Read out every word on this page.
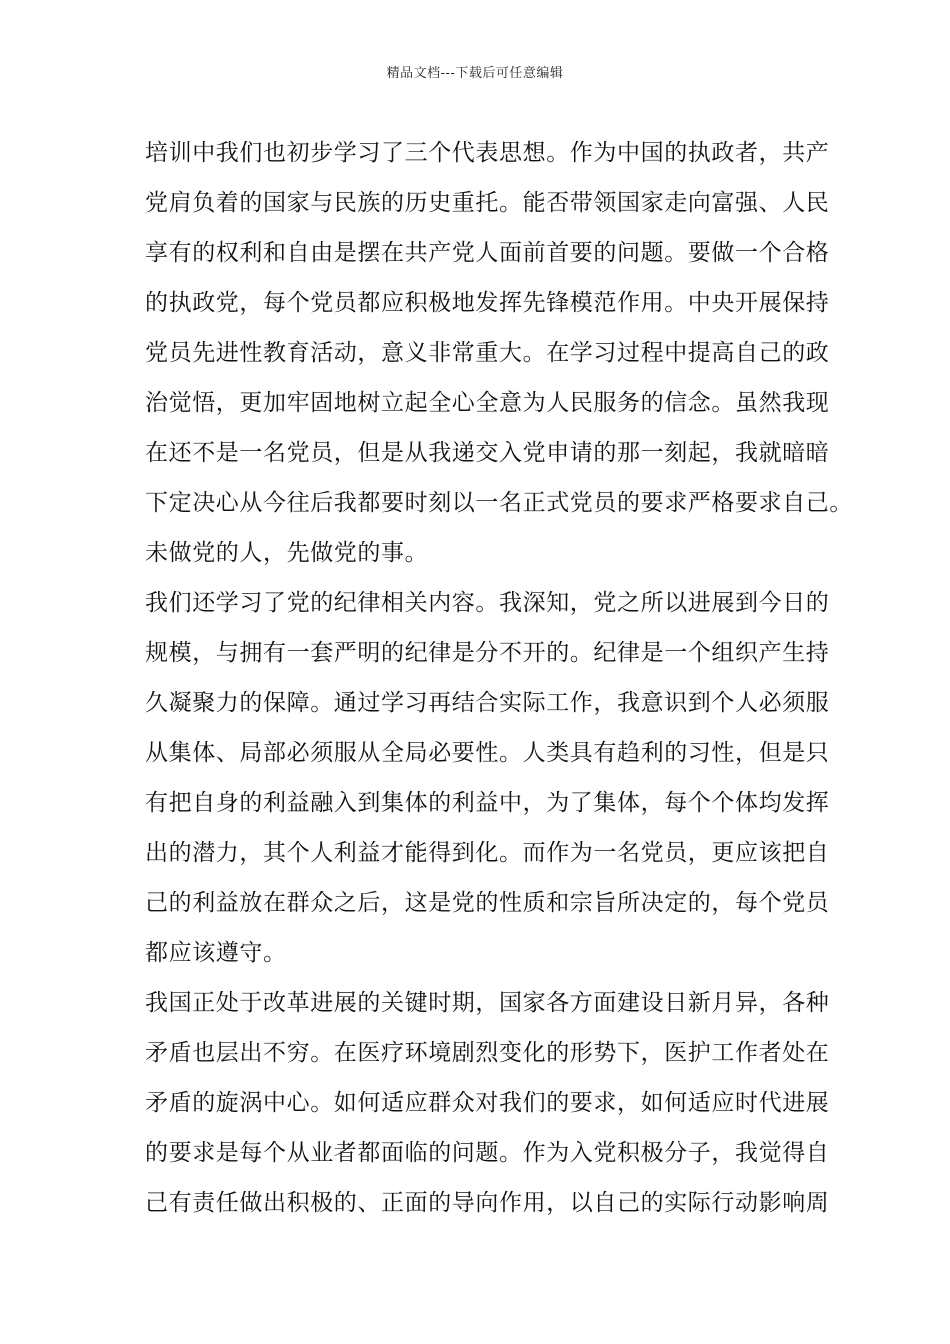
精品文档---下载后可任意编辑
培训中我们也初步学习了三个代表思想。作为中国的执政者，共产
党肩负着的国家与民族的历史重托。能否带领国家走向富强、人民
享有的权利和自由是摆在共产党人面前首要的问题。要做一个合格
的执政党，每个党员都应积极地发挥先锋模范作用。中央开展保持
党员先进性教育活动，意义非常重大。在学习过程中提高自己的政
治觉悟，更加牢固地树立起全心全意为人民服务的信念。虽然我现
在还不是一名党员，但是从我递交入党申请的那一刻起，我就暗暗
下定决心从今往后我都要时刻以一名正式党员的要求严格要求自己。
未做党的人，先做党的事。
我们还学习了党的纪律相关内容。我深知，党之所以进展到今日的
规模，与拥有一套严明的纪律是分不开的。纪律是一个组织产生持
久凝聚力的保障。通过学习再结合实际工作，我意识到个人必须服
从集体、局部必须服从全局必要性。人类具有趋利的习性，但是只
有把自身的利益融入到集体的利益中，为了集体，每个个体均发挥
出的潜力，其个人利益才能得到化。而作为一名党员，更应该把自
己的利益放在群众之后，这是党的性质和宗旨所决定的，每个党员
都应该遵守。
我国正处于改革进展的关键时期，国家各方面建设日新月异，各种
矛盾也层出不穷。在医疗环境剧烈变化的形势下，医护工作者处在
矛盾的旋涡中心。如何适应群众对我们的要求，如何适应时代进展
的要求是每个从业者都面临的问题。作为入党积极分子，我觉得自
己有责任做出积极的、正面的导向作用，以自己的实际行动影响周
